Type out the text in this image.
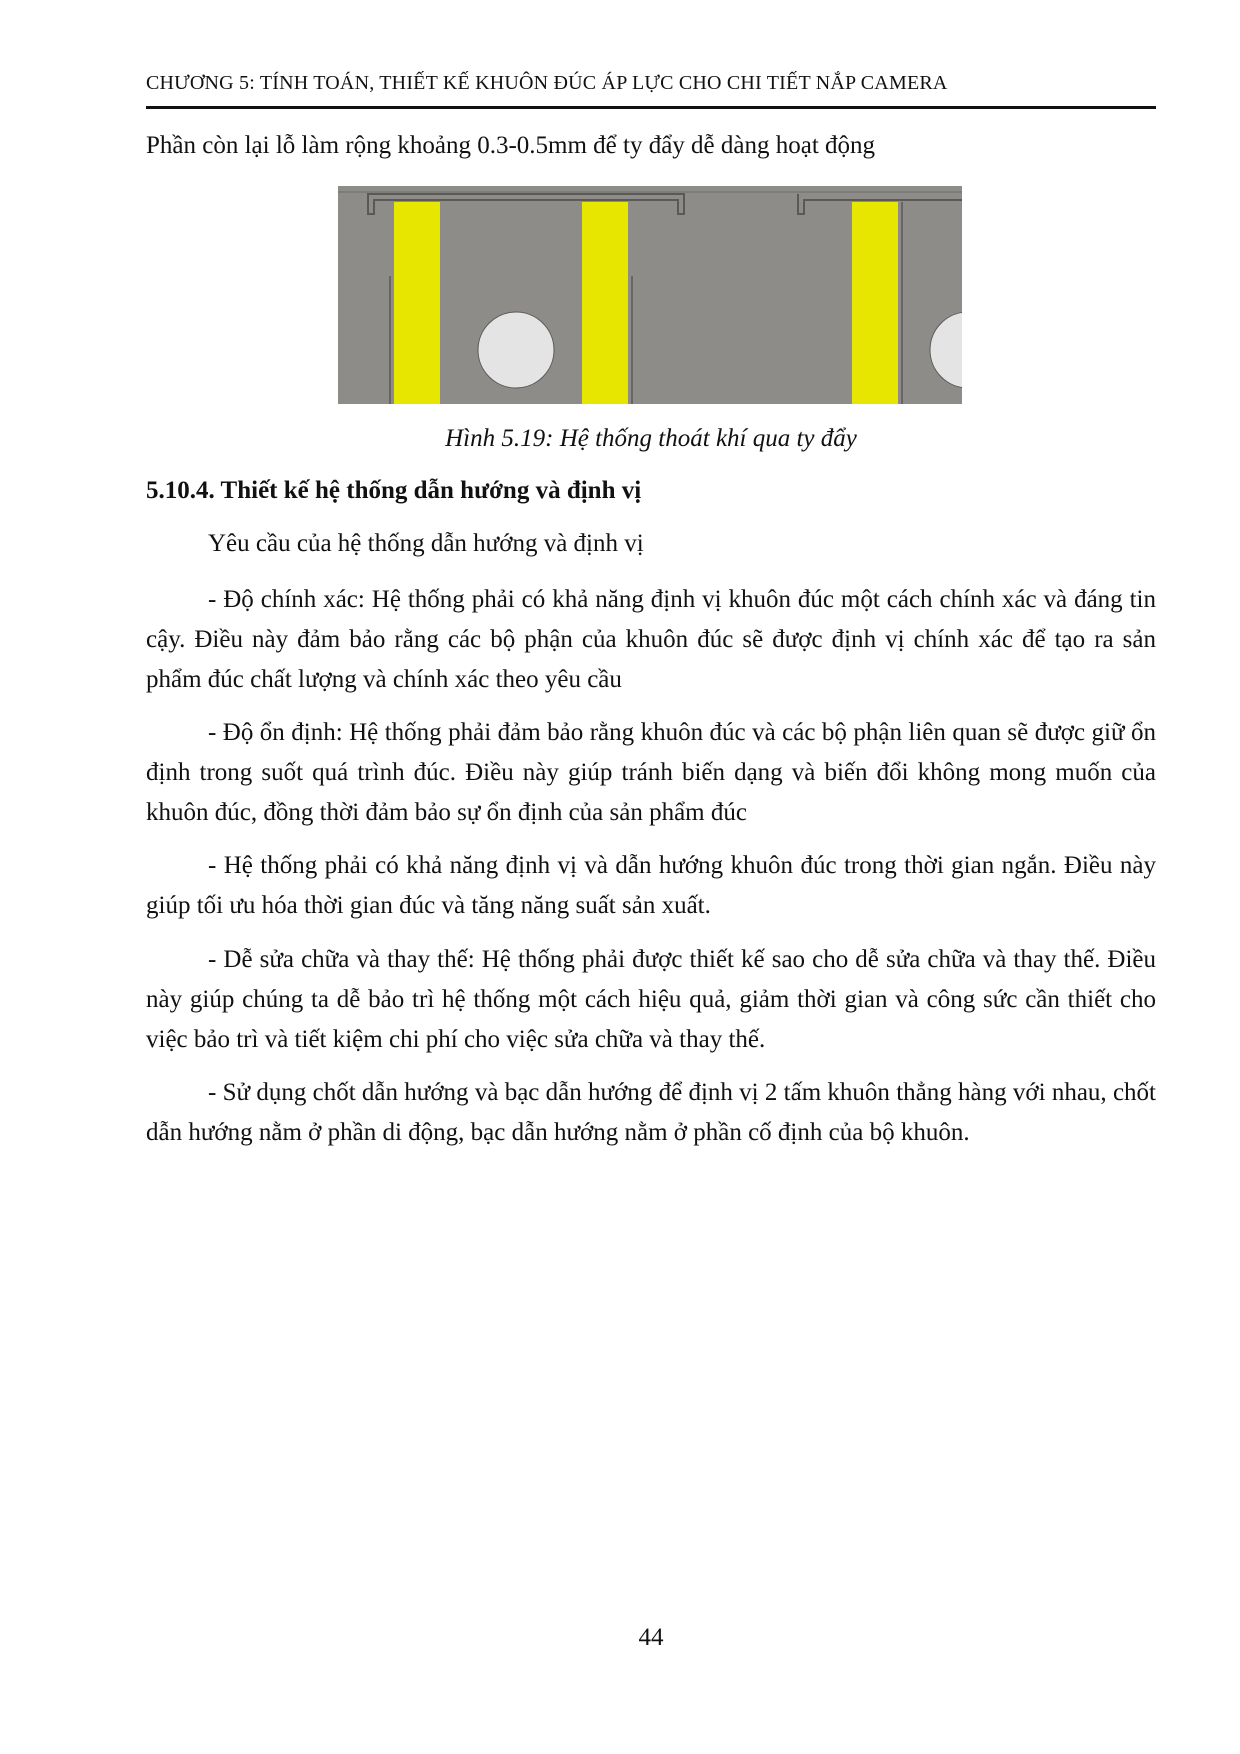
CHƯƠNG 5: TÍNH TOÁN, THIẾT KẾ KHUÔN ĐÚC ÁP LỰC CHO CHI TIẾT NẮP CAMERA
Phần còn lại lỗ làm rộng khoảng 0.3-0.5mm để ty đẩy dễ dàng hoạt động
Hình 5.19: Hệ thống thoát khí qua ty đẩy
5.10.4. Thiết kế hệ thống dẫn hướng và định vị
Yêu cầu của hệ thống dẫn hướng và định vị
- Độ chính xác: Hệ thống phải có khả năng định vị khuôn đúc một cách chính xác và đáng tin cậy. Điều này đảm bảo rằng các bộ phận của khuôn đúc sẽ được định vị chính xác để tạo ra sản phẩm đúc chất lượng và chính xác theo yêu cầu
- Độ ổn định: Hệ thống phải đảm bảo rằng khuôn đúc và các bộ phận liên quan sẽ được giữ ổn định trong suốt quá trình đúc. Điều này giúp tránh biến dạng và biến đổi không mong muốn của khuôn đúc, đồng thời đảm bảo sự ổn định của sản phẩm đúc
- Hệ thống phải có khả năng định vị và dẫn hướng khuôn đúc trong thời gian ngắn. Điều này giúp tối ưu hóa thời gian đúc và tăng năng suất sản xuất.
- Dễ sửa chữa và thay thế: Hệ thống phải được thiết kế sao cho dễ sửa chữa và thay thế. Điều này giúp chúng ta dễ bảo trì hệ thống một cách hiệu quả, giảm thời gian và công sức cần thiết cho việc bảo trì và tiết kiệm chi phí cho việc sửa chữa và thay thế.
- Sử dụng chốt dẫn hướng và bạc dẫn hướng để định vị 2 tấm khuôn thẳng hàng với nhau, chốt dẫn hướng nằm ở phần di động, bạc dẫn hướng nằm ở phần cố định của bộ khuôn.
44
